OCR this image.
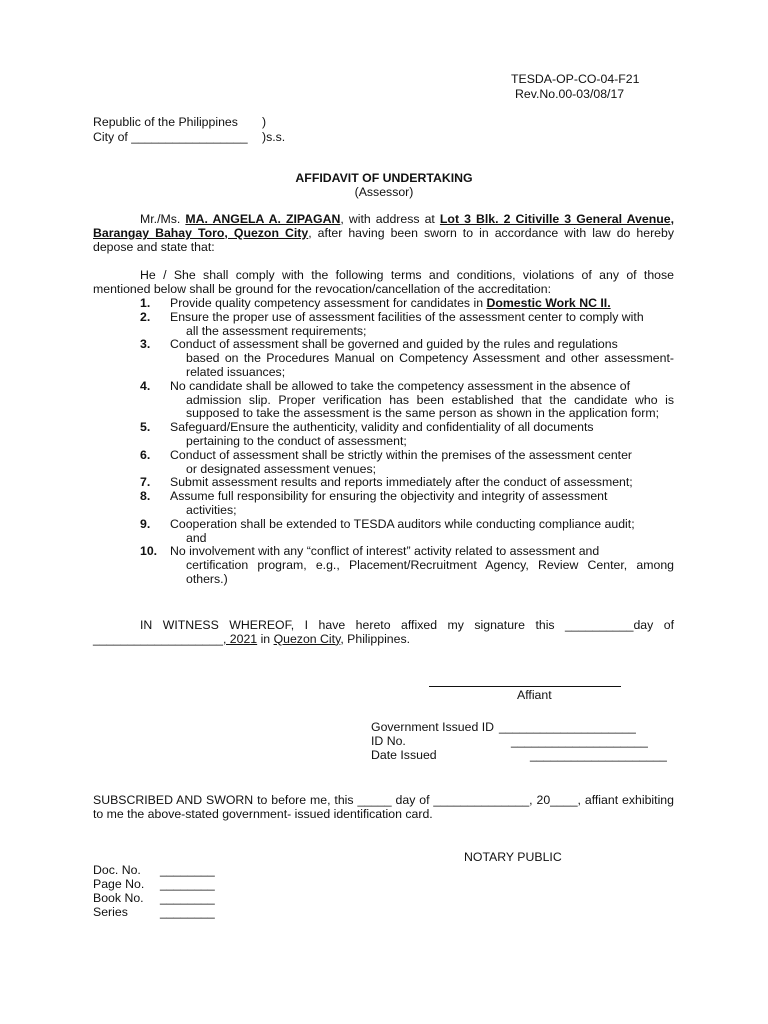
TESDA-OP-CO-04-F21
Rev.No.00-03/08/17
Republic of the Philippines )
City of _________________ )s.s.
AFFIDAVIT OF UNDERTAKING
(Assessor)
Mr./Ms. MA. ANGELA A. ZIPAGAN, with address at Lot 3 Blk. 2 Citiville 3 General Avenue, Barangay Bahay Toro, Quezon City, after having been sworn to in accordance with law do hereby depose and state that:
He / She shall comply with the following terms and conditions, violations of any of those mentioned below shall be ground for the revocation/cancellation of the accreditation:
1. Provide quality competency assessment for candidates in Domestic Work NC II.
2. Ensure the proper use of assessment facilities of the assessment center to comply with
all the assessment requirements;
3. Conduct of assessment shall be governed and guided by the rules and regulations
based on the Procedures Manual on Competency Assessment and other assessment-related issuances;
4. No candidate shall be allowed to take the competency assessment in the absence of
admission slip. Proper verification has been established that the candidate who is supposed to take the assessment is the same person as shown in the application form;
5. Safeguard/Ensure the authenticity, validity and confidentiality of all documents
pertaining to the conduct of assessment;
6. Conduct of assessment shall be strictly within the premises of the assessment center
or designated assessment venues;
7. Submit assessment results and reports immediately after the conduct of assessment;
8. Assume full responsibility for ensuring the objectivity and integrity of assessment
activities;
9. Cooperation shall be extended to TESDA auditors while conducting compliance audit;
and
10. No involvement with any “conflict of interest” activity related to assessment and
certification program, e.g., Placement/Recruitment Agency, Review Center, among others.)
IN WITNESS WHEREOF, I have hereto affixed my signature this __________day of ___________________, 2021 in Quezon City, Philippines.
Affiant
Government Issued ID ____________________
ID No.	____________________
Date Issued	____________________
SUBSCRIBED AND SWORN to before me, this _____ day of ______________, 20____, affiant exhibiting to me the above-stated government- issued identification card.
NOTARY PUBLIC
Doc. No. ________
Page No. ________
Book No. ________
Series	________
